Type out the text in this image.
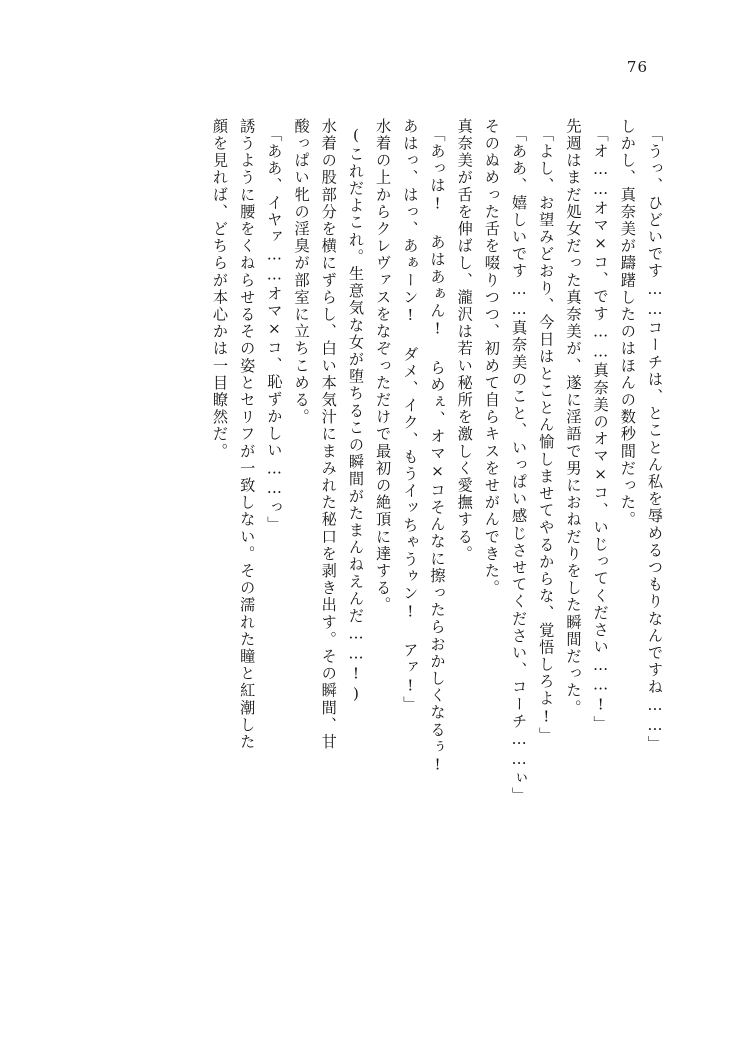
76
「うっ、ひどいです……コーチは、とことん私を辱めるつもりなんですね……」
しかし、真奈美が躊躇したのはほんの数秒間だった。
「オ……オマ×コ、です……真奈美のオマ×コ、いじってください……!」
先週はまだ処女だった真奈美が、遂に淫語で男におねだりをした瞬間だった。
「よし、お望みどおり、今日はとことん愉しませてやるからな、覚悟しろよ!」
「ああ、嬉しいです……真奈美のこと、いっぱい感じさせてください、コーチ……ぃ」
そのぬめった舌を啜りつつ、初めて自らキスをせがんできた。
真奈美が舌を伸ばし、瀧沢は若い秘所を激しく愛撫する。
「あっは! あはあぁん! らめぇ、オマ×コそんなに擦ったらおかしくなるぅ!
あはっ、はっ、あぁーン! ダメ、イク、もうイッちゃうゥン! アァ!」
水着の上からクレヴァスをなぞっただけで最初の絶頂に達する。
(これだよこれ。生意気な女が堕ちるこの瞬間がたまんねえんだ……!)
水着の股部分を横にずらし、白い本気汁にまみれた秘口を剥き出す。その瞬間、甘
酸っぱい牝の淫臭が部室に立ちこめる。
「ああ、イヤァ……オマ×コ、恥ずかしい……っ」
誘うように腰をくねらせるその姿とセリフが一致しない。その濡れた瞳と紅潮した
顔を見れば、どちらが本心かは一目瞭然だ。
